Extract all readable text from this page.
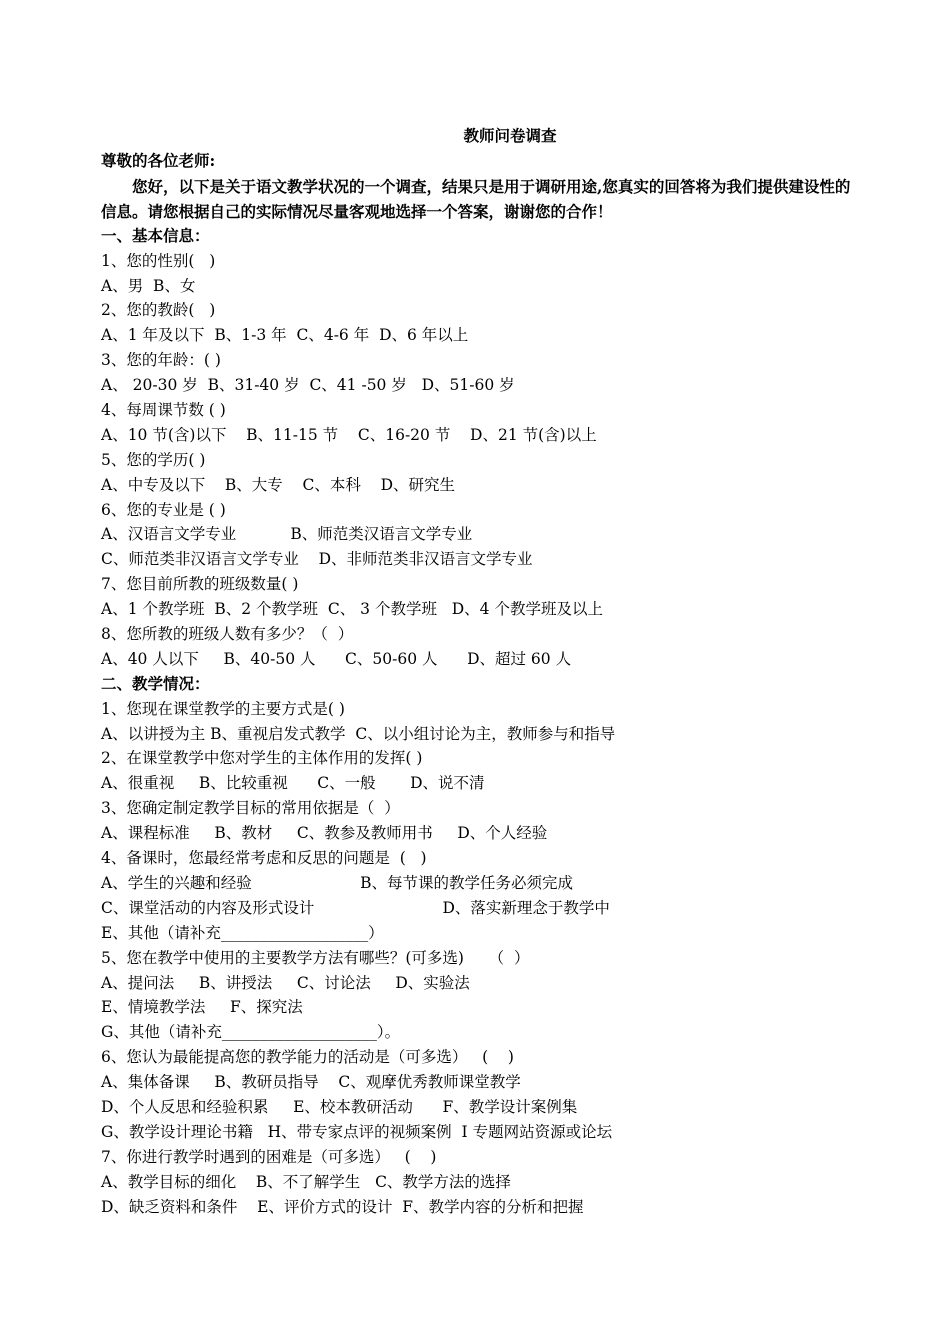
教师问卷调查
尊敬的各位老师:
您好，以下是关于语文教学状况的一个调查，结果只是用于调研用途,您真实的回答将为我们提供建设性的信息。请您根据自己的实际情况尽量客观地选择一个答案，谢谢您的合作！
一、基本信息：
1、您的性别(   )
A、男  B、女
2、您的教龄(   )
A、1 年及以下  B、1-3 年  C、4-6 年  D、6 年以上
3、您的年龄：( )
A、 20-30 岁  B、31-40 岁  C、41 -50 岁   D、51-60 岁
4、每周课节数 ( )
A、10 节(含)以下    B、11-15 节    C、16-20 节    D、21 节(含)以上
5、您的学历( )
A、中专及以下    B、大专    C、本科    D、研究生
6、您的专业是 ( )
A、汉语言文学专业           B、师范类汉语言文学专业
C、师范类非汉语言文学专业    D、非师范类非汉语言文学专业
7、您目前所教的班级数量( )
A、1 个教学班  B、2 个教学班  C、 3 个教学班   D、4 个教学班及以上
8、您所教的班级人数有多少？（  ）
A、40 人以下     B、40-50 人      C、50-60 人      D、超过 60 人
二、教学情况：
1、您现在课堂教学的主要方式是( )
A、以讲授为主 B、重视启发式教学  C、以小组讨论为主，教师参与和指导
2、在课堂教学中您对学生的主体作用的发挥( )
A、很重视     B、比较重视      C、一般       D、说不清
3、您确定制定教学目标的常用依据是（  ）
A、课程标准     B、教材     C、教参及教师用书     D、个人经验
4、备课时，您最经常考虑和反思的问题是  (   )
A、学生的兴趣和经验                      B、每节课的教学任务必须完成
C、课堂活动的内容及形式设计                          D、落实新理念于教学中
E、其他（请补充___________________）
5、您在教学中使用的主要教学方法有哪些？(可多选)     （  ）
A、提问法     B、讲授法     C、讨论法     D、实验法
E、情境教学法     F、探究法
G、其他（请补充____________________）。
6、您认为最能提高您的教学能力的活动是（可多选）   (    )
A、集体备课     B、教研员指导    C、观摩优秀教师课堂教学
D、个人反思和经验积累     E、校本教研活动      F、教学设计案例集
G、教学设计理论书籍   H、带专家点评的视频案例  I 专题网站资源或论坛
7、你进行教学时遇到的困难是（可多选）   (    )
A、教学目标的细化    B、不了解学生   C、教学方法的选择
D、缺乏资料和条件    E、评价方式的设计  F、教学内容的分析和把握
